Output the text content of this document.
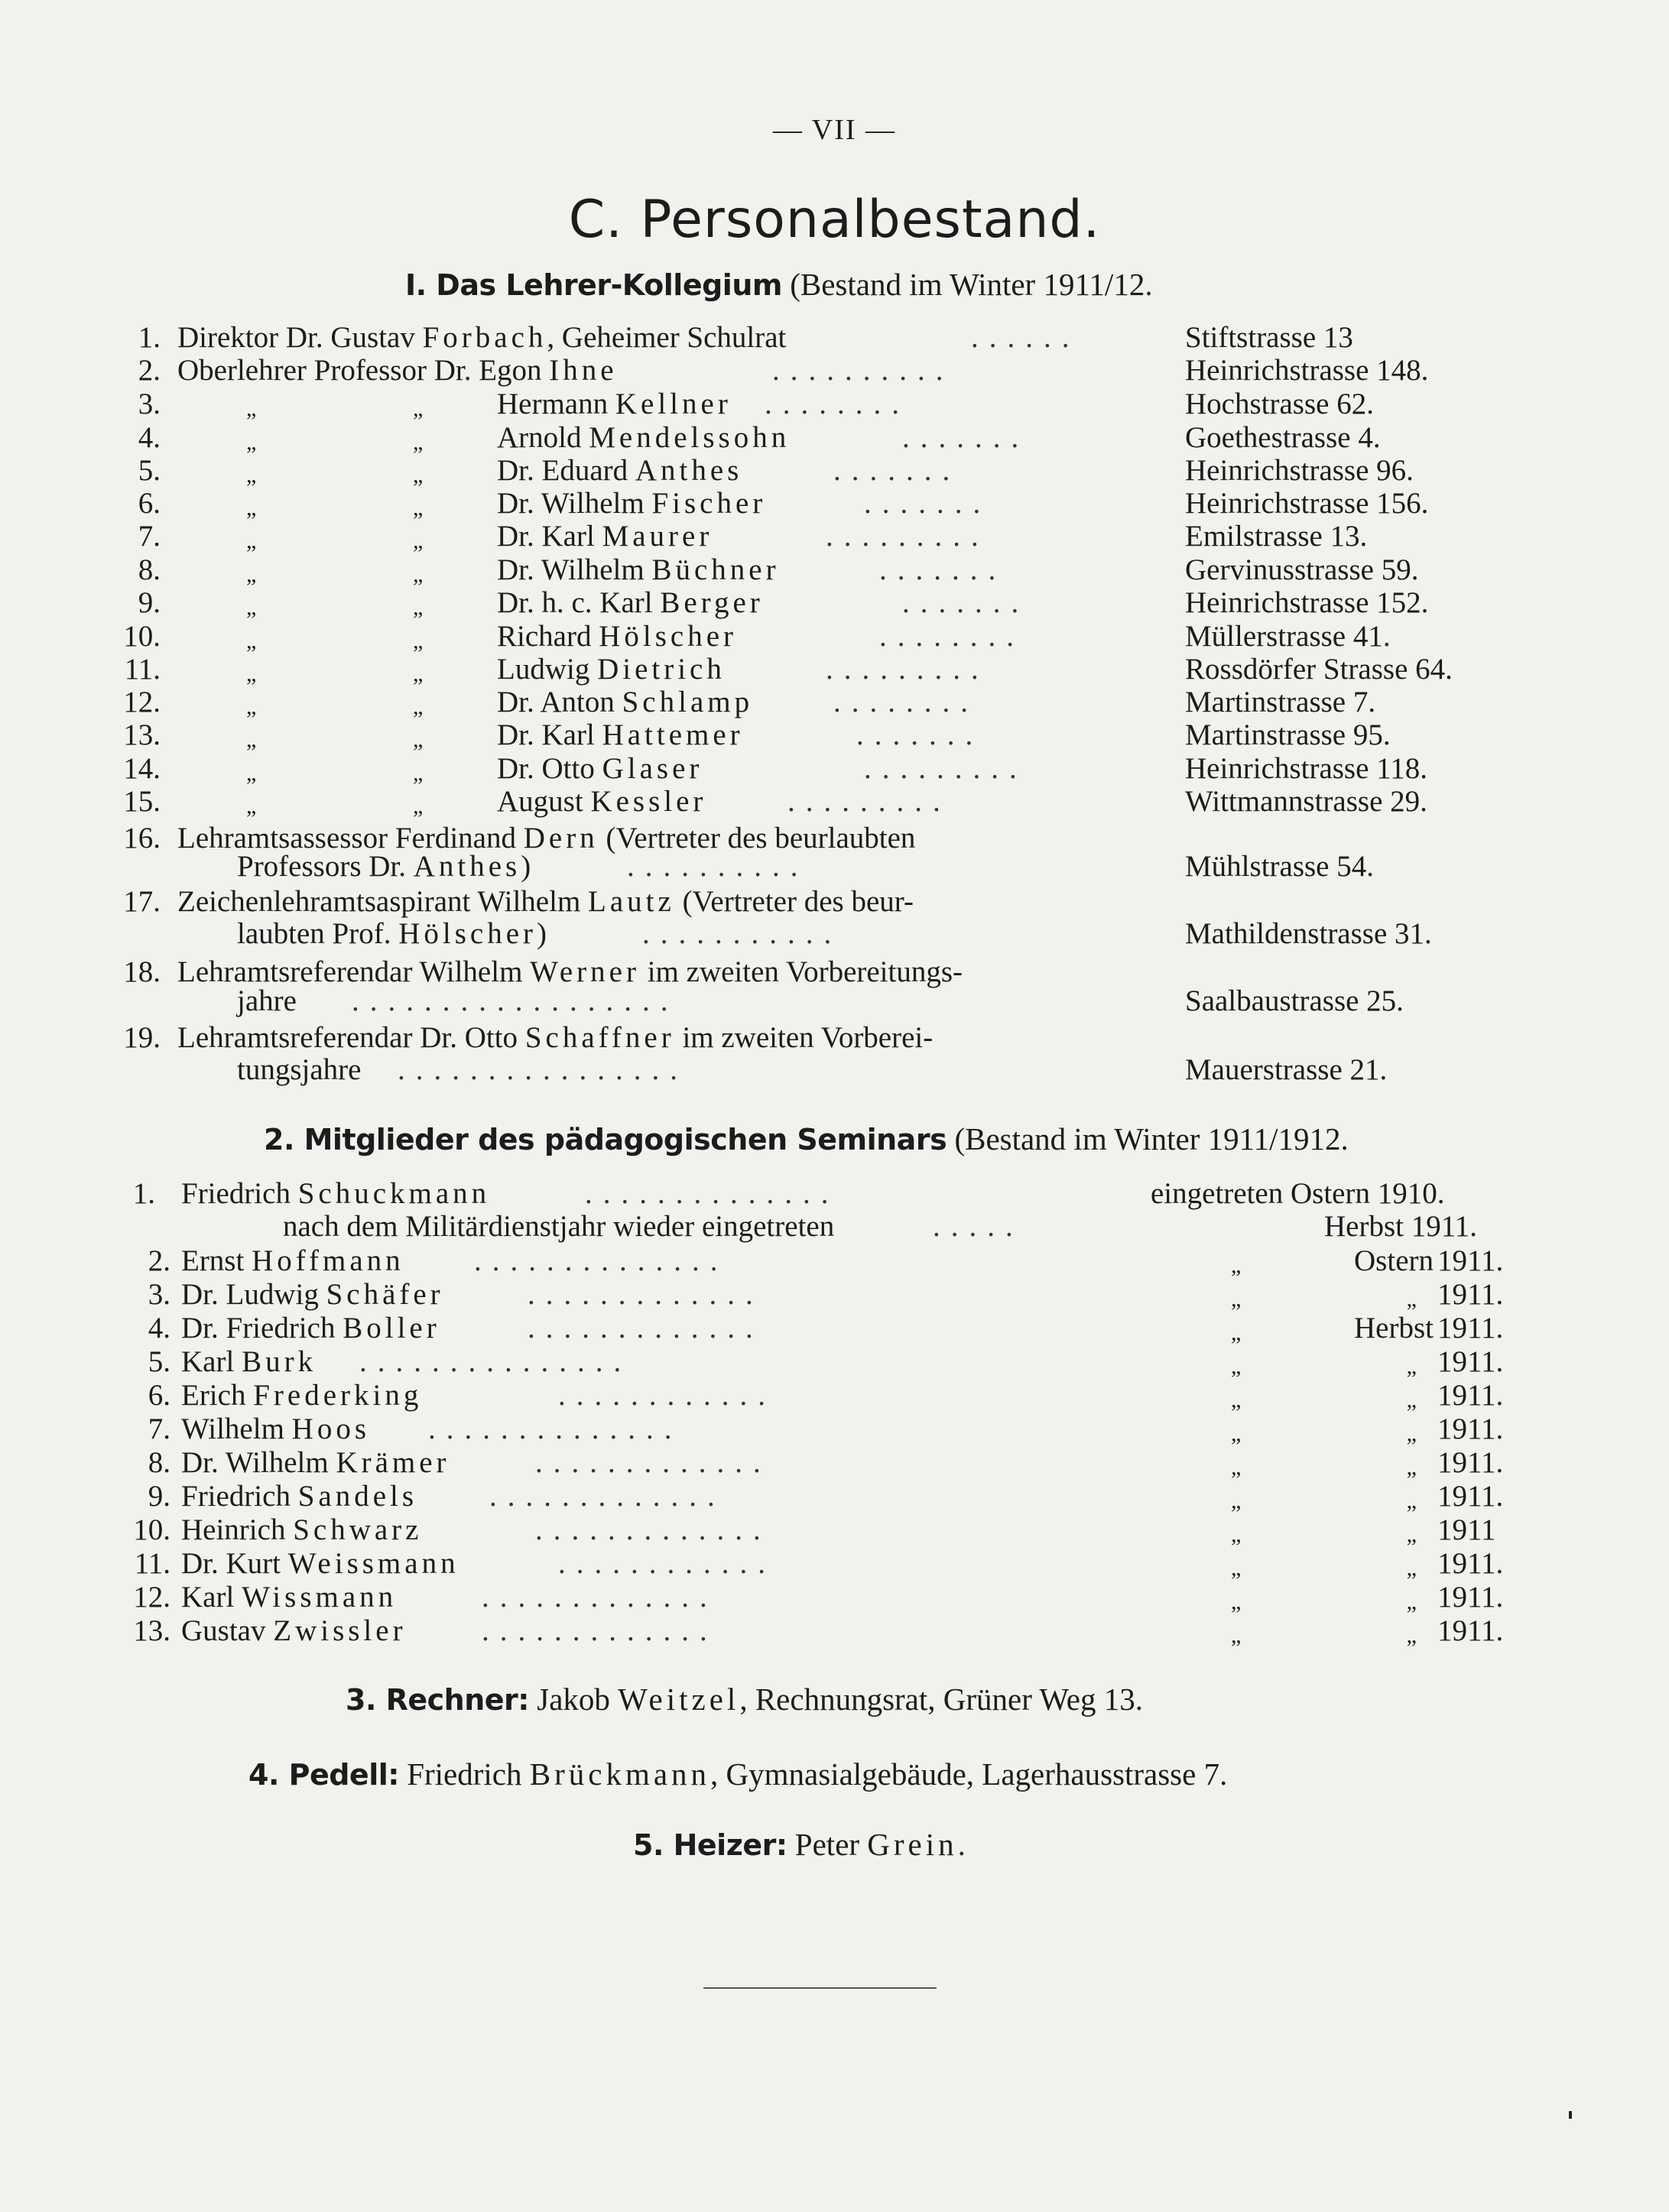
— VII —
C. Personalbestand.
I. Das Lehrer-Kollegium (Bestand im Winter 1911/12.
1. Direktor Dr. Gustav Forbach, Geheimer Schulrat	......	Stiftstrasse 13
2. Oberlehrer Professor Dr. Egon Ihne	..........	Heinrichstrasse 148.
3.	„	„ Hermann Kellner ........	Hochstrasse 62.
4.	„	„ Arnold Mendelssohn	.......	Goethestrasse 4.
5.	„	„ Dr. Eduard Anthes	.......	Heinrichstrasse 96.
6.	„	„ Dr. Wilhelm Fischer	.......	Heinrichstrasse 156.
7.	„	„ Dr. Karl Maurer	.........	Emilstrasse 13.
8.	„	„ Dr. Wilhelm Büchner	.......	Gervinusstrasse 59.
9.	„	„ Dr. h. c. Karl Berger	.......	Heinrichstrasse 152.
10.	„	„ Richard Hölscher	........	Müllerstrasse 41.
11.	„	„ Ludwig Dietrich	.........	Rossdörfer Strasse 64.
12.	„	„ Dr. Anton Schlamp	........	Martinstrasse 7.
13.	„	„ Dr. Karl Hattemer	.......	Martinstrasse 95.
14.	„	„ Dr. Otto Glaser	.........	Heinrichstrasse 118.
15.	„	„ August Kessler	.........	Wittmannstrasse 29.
16. Lehramtsassessor Ferdinand Dern (Vertreter des beurlaubten
Professors Dr. Anthes)	..........	Mühlstrasse 54.
17. Zeichenlehramtsaspirant Wilhelm Lautz (Vertreter des beur-
laubten Prof. Hölscher)	...........	Mathildenstrasse 31.
18. Lehramtsreferendar Wilhelm Werner im zweiten Vorbereitungs-
jahre ..................	Saalbaustrasse 25.
19. Lehramtsreferendar Dr. Otto Schaffner im zweiten Vorberei-
tungsjahre ................	Mauerstrasse 21.
2. Mitglieder des pädagogischen Seminars (Bestand im Winter 1911/1912.
1. Friedrich Schuckmann	..............	eingetreten Ostern 1910.
nach dem Militärdienstjahr wieder eingetreten	.....	Herbst 1911.
2. Ernst Hoffmann ..............	„	Ostern 1911.
3. Dr. Ludwig Schäfer	.............	„	„ 1911.
4. Dr. Friedrich Boller	.............	„	Herbst 1911.
5. Karl Burk ...............	„	„ 1911.
6. Erich Frederking	............	„	„ 1911.
7. Wilhelm Hoos ..............	„	„ 1911.
8. Dr. Wilhelm Krämer	.............	„	„ 1911.
9. Friedrich Sandels .............	„	„ 1911.
10. Heinrich Schwarz	.............	„	„ 1911
11. Dr. Kurt Weissmann	............	„	„ 1911.
12. Karl Wissmann	.............	„	„ 1911.
13. Gustav Zwissler	.............	„	„ 1911.
3. Rechner: Jakob Weitzel, Rechnungsrat, Grüner Weg 13.
4. Pedell: Friedrich Brückmann, Gymnasialgebäude, Lagerhausstrasse 7.
5. Heizer: Peter Grein.
